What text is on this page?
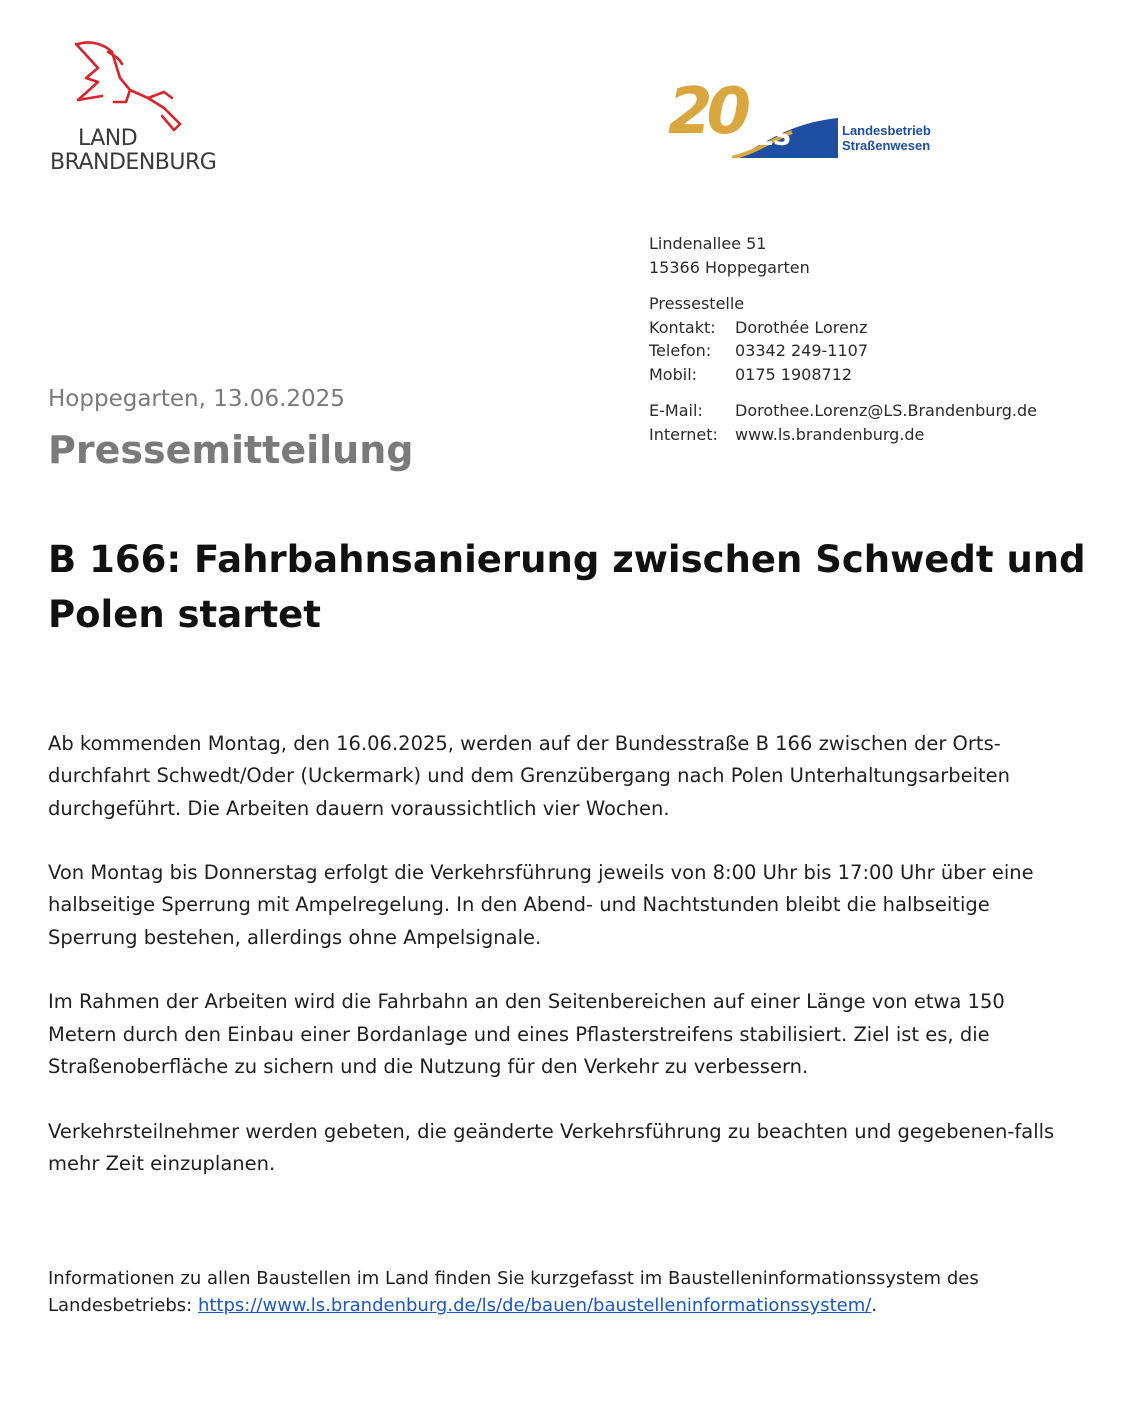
LAND
BRANDENBURG
20 LS	Landesbetrieb
Straßenwesen
Lindenallee 51
15366 Hoppegarten
Pressestelle
Kontakt:	Dorothée Lorenz
Telefon:	03342 249-1107
Mobil:	0175 1908712
E-Mail:	Dorothee.Lorenz@LS.Brandenburg.de
Internet:	www.ls.brandenburg.de
Hoppegarten, 13.06.2025
Pressemitteilung
B 166: Fahrbahnsanierung zwischen Schwedt und Polen startet

Ab kommenden Montag, den 16.06.2025, werden auf der Bundesstraße B 166 zwischen der Orts-durchfahrt Schwedt/Oder (Uckermark) und dem Grenzübergang nach Polen Unterhaltungsarbeiten durchgeführt. Die Arbeiten dauern voraussichtlich vier Wochen.

Von Montag bis Donnerstag erfolgt die Verkehrsführung jeweils von 8:00 Uhr bis 17:00 Uhr über eine halbseitige Sperrung mit Ampelregelung. In den Abend- und Nachtstunden bleibt die halbseitige Sperrung bestehen, allerdings ohne Ampelsignale.

Im Rahmen der Arbeiten wird die Fahrbahn an den Seitenbereichen auf einer Länge von etwa 150 Metern durch den Einbau einer Bordanlage und eines Pflasterstreifens stabilisiert. Ziel ist es, die Straßenoberfläche zu sichern und die Nutzung für den Verkehr zu verbessern.

Verkehrsteilnehmer werden gebeten, die geänderte Verkehrsführung zu beachten und gegebenen-falls mehr Zeit einzuplanen.

Informationen zu allen Baustellen im Land finden Sie kurzgefasst im Baustelleninformationssystem des Landesbetriebs: https://www.ls.brandenburg.de/ls/de/bauen/baustelleninformationssystem/.
